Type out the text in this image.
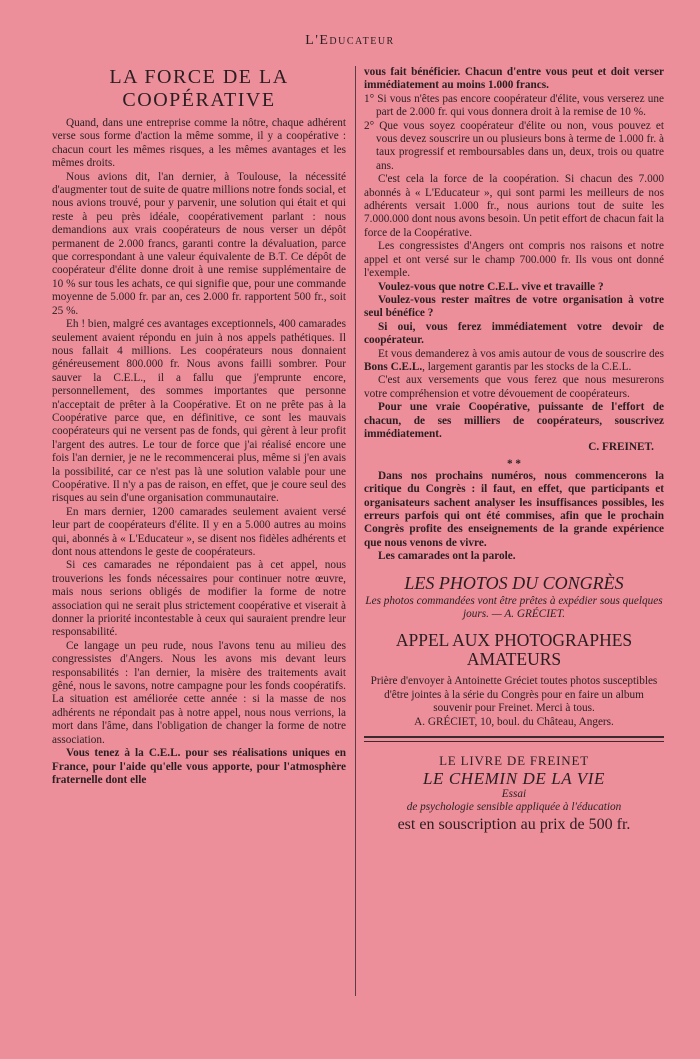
L'Educateur
LA FORCE DE LA
COOPÉRATIVE

Quand, dans une entreprise comme la nôtre, chaque adhérent verse sous forme d'action la même somme, il y a coopérative : chacun court les mêmes risques, a les mêmes avantages et les mêmes droits.

Nous avions dit, l'an dernier, à Toulouse, la nécessité d'augmenter tout de suite de quatre millions notre fonds social, et nous avions trouvé, pour y parvenir, une solution qui était et qui reste à peu près idéale, coopérativement parlant : nous demandions aux vrais coopérateurs de nous verser un dépôt permanent de 2.000 francs, garanti contre la dévaluation, parce que correspondant à une valeur équivalente de B.T. Ce dépôt de coopérateur d'élite donne droit à une remise supplémentaire de 10 % sur tous les achats, ce qui signifie que, pour une commande moyenne de 5.000 fr. par an, ces 2.000 fr. rapportent 500 fr., soit 25 %.

Eh ! bien, malgré ces avantages exceptionnels, 400 camarades seulement avaient répondu en juin à nos appels pathétiques. Il nous fallait 4 millions. Les coopérateurs nous donnaient généreusement 800.000 fr. Nous avons failli sombrer. Pour sauver la C.E.L., il a fallu que j'emprunte encore, personnellement, des sommes importantes que personne n'acceptait de prêter à la Coopérative. Et on ne prête pas à la Coopérative parce que, en définitive, ce sont les mauvais coopérateurs qui ne versent pas de fonds, qui gèrent à leur profit l'argent des autres. Le tour de force que j'ai réalisé encore une fois l'an dernier, je ne le recommencerai plus, même si j'en avais la possibilité, car ce n'est pas là une solution valable pour une Coopérative. Il n'y a pas de raison, en effet, que je coure seul des risques au sein d'une organisation communautaire.

En mars dernier, 1200 camarades seulement avaient versé leur part de coopérateurs d'élite. Il y en a 5.000 autres au moins qui, abonnés à « L'Educateur », se disent nos fidèles adhérents et dont nous attendons le geste de coopérateurs.

Si ces camarades ne répondaient pas à cet appel, nous trouverions les fonds nécessaires pour continuer notre œuvre, mais nous serions obligés de modifier la forme de notre association qui ne serait plus strictement coopérative et viserait à donner la priorité incontestable à ceux qui sauraient prendre leur responsabilité.

Ce langage un peu rude, nous l'avons tenu au milieu des congressistes d'Angers. Nous les avons mis devant leurs responsabilités : l'an dernier, la misère des traitements avait gêné, nous le savons, notre campagne pour les fonds coopératifs. La situation est améliorée cette année : si la masse de nos adhérents ne répondait pas à notre appel, nous nous verrions, la mort dans l'âme, dans l'obligation de changer la forme de notre association.

Vous tenez à la C.E.L. pour ses réalisations uniques en France, pour l'aide qu'elle vous apporte, pour l'atmosphère fraternelle dont elle

vous fait bénéficier. Chacun d'entre vous peut et doit verser immédiatement au moins 1.000 francs.

1° Si vous n'êtes pas encore coopérateur d'élite, vous verserez une part de 2.000 fr. qui vous donnera droit à la remise de 10 %.

2° Que vous soyez coopérateur d'élite ou non, vous pouvez et vous devez souscrire un ou plusieurs bons à terme de 1.000 fr. à taux progressif et remboursables dans un, deux, trois ou quatre ans.

C'est cela la force de la coopération. Si chacun des 7.000 abonnés à « L'Educateur », qui sont parmi les meilleurs de nos adhérents versait 1.000 fr., nous aurions tout de suite les 7.000.000 dont nous avons besoin. Un petit effort de chacun fait la force de la Coopérative.

Les congressistes d'Angers ont compris nos raisons et notre appel et ont versé sur le champ 700.000 fr. Ils vous ont donné l'exemple.

Voulez-vous que notre C.E.L. vive et travaille ?

Voulez-vous rester maîtres de votre organisation à votre seul bénéfice ?

Si oui, vous ferez immédiatement votre devoir de coopérateur.

Et vous demanderez à vos amis autour de vous de souscrire des Bons C.E.L., largement garantis par les stocks de la C.E.L.

C'est aux versements que vous ferez que nous mesurerons votre compréhension et votre dévouement de coopérateurs.

Pour une vraie Coopérative, puissante de l'effort de chacun, de ses milliers de coopérateurs, souscrivez immédiatement.

C. FREINET.

* *

Dans nos prochains numéros, nous commencerons la critique du Congrès : il faut, en effet, que participants et organisateurs sachent analyser les insuffisances possibles, les erreurs parfois qui ont été commises, afin que le prochain Congrès profite des enseignements de la grande expérience que nous venons de vivre.

Les camarades ont la parole.

LES PHOTOS DU CONGRÈS

Les photos commandées vont être prêtes à expédier sous quelques jours. — A. GRÉCIET.

APPEL AUX PHOTOGRAPHES
AMATEURS

Prière d'envoyer à Antoinette Gréciet toutes photos susceptibles d'être jointes à la série du Congrès pour en faire un album souvenir pour Freinet. Merci à tous.

A. GRÉCIET, 10, boul. du Château, Angers.

LE LIVRE DE FREINET
LE CHEMIN DE LA VIE
Essai
de psychologie sensible appliquée à l'éducation
est en souscription au prix de 500 fr.
